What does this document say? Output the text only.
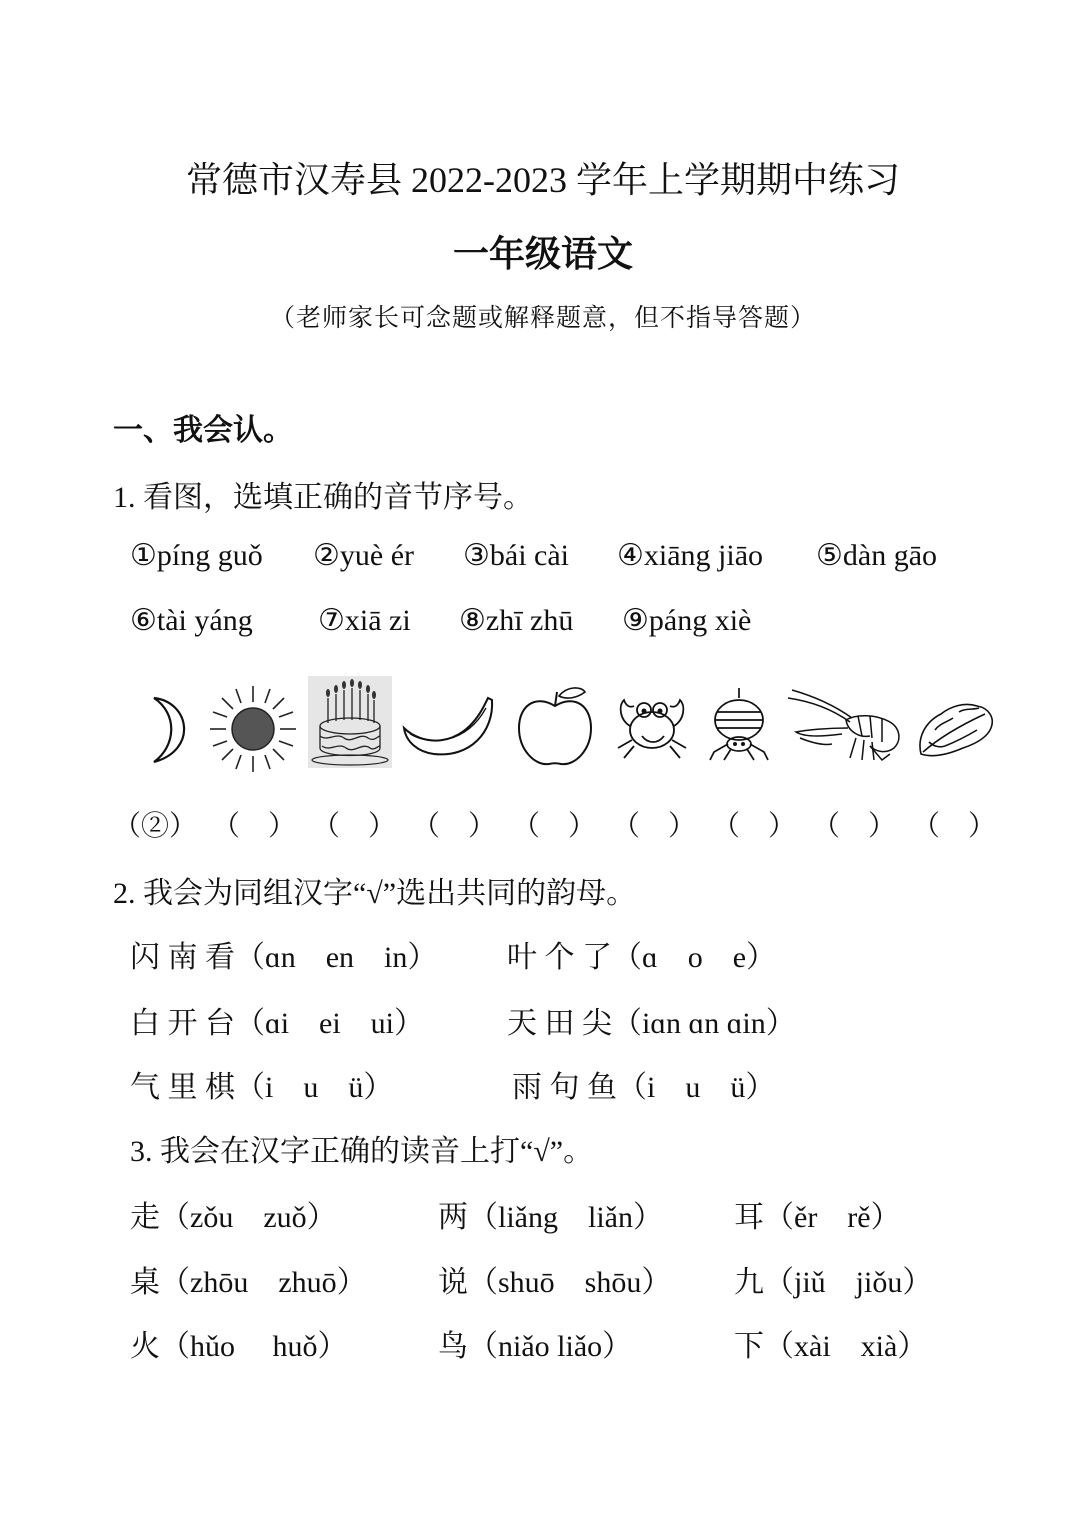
常德市汉寿县 2022-2023 学年上学期期中练习
一年级语文
（老师家长可念题或解释题意，但不指导答题）
一、我会认。
1. 看图，选填正确的音节序号。
①píng guǒ ②yuè ér ③bái cài ④xiāng jiāo ⑤dàn gāo
⑥tài yáng ⑦xiā zi ⑧zhī zhū ⑨páng xiè
（②） （　） （　） （　） （　） （　） （　） （　） （　）
2. 我会为同组汉字“√”选出共同的韵母。
闪 南 看（ɑn　en　in） 叶 个 了（ɑ　o　e）
白 开 台（ɑi　ei　ui）	天 田 尖（iɑn ɑn ɑin）
气 里 棋（i　u　ü）	雨 句 鱼（i　u　ü）
3. 我会在汉字正确的读音上打“√”。
走（zǒu　zuǒ）	两（liǎng　liǎn） 耳（ěr　rě）
桌（zhōu　zhuō） 说（shuō　shōu） 九（jiǔ　jiǒu）
火（hǔo　 huǒ）	鸟（niǎo liǎo）	下（xài　xià）
